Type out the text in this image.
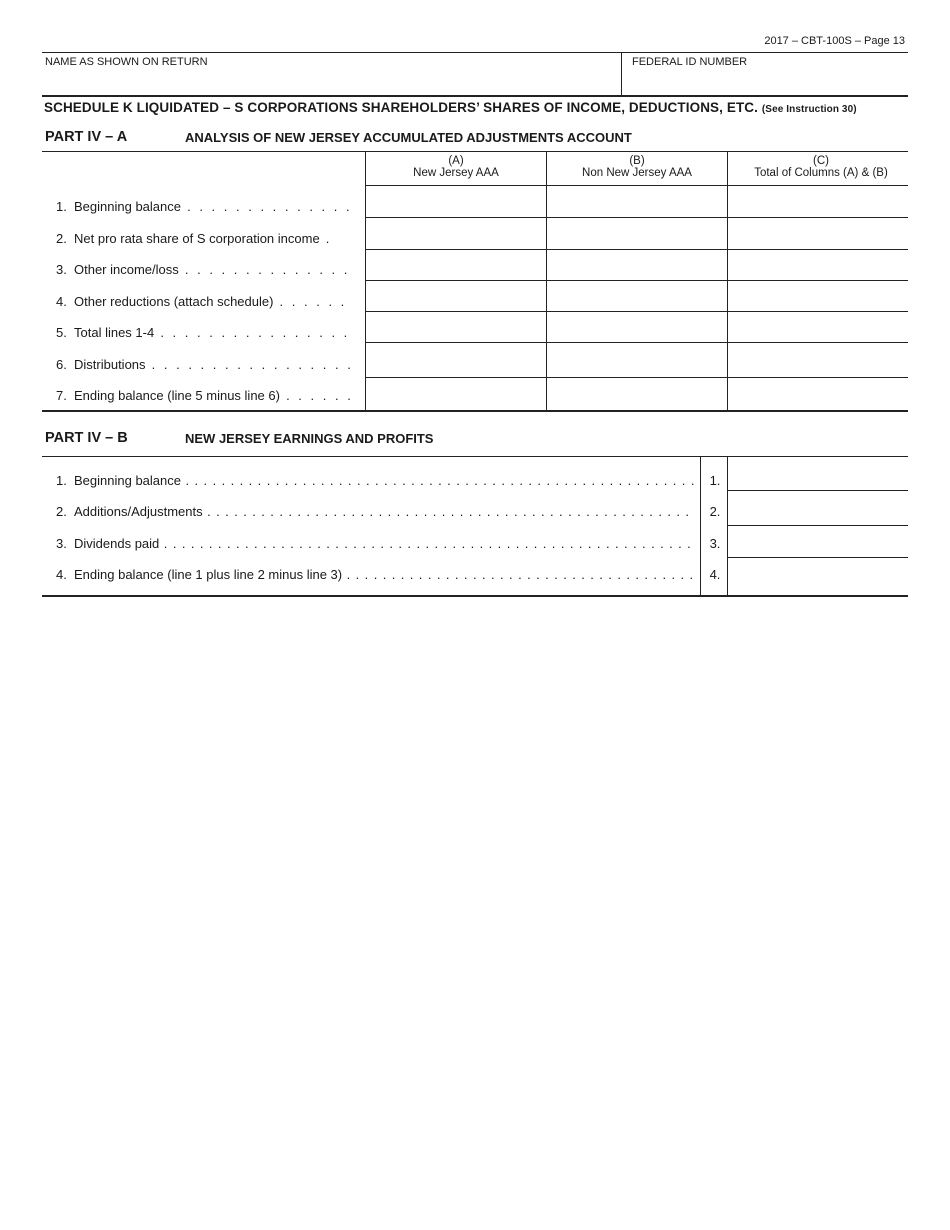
2017 – CBT-100S – Page 13
NAME AS SHOWN ON RETURN	FEDERAL ID NUMBER
SCHEDULE K LIQUIDATED – S CORPORATIONS SHAREHOLDERS’ SHARES OF INCOME, DEDUCTIONS, ETC. (See Instruction 30)
PART IV – A	ANALYSIS OF NEW JERSEY ACCUMULATED ADJUSTMENTS ACCOUNT
(A)
New Jersey AAA
(B)
Non New Jersey AAA
(C)
Total of Columns (A) & (B)
1. Beginning balance . . . . . . . . . . . . . .
2. Net pro rata share of S corporation income .
3. Other income/loss . . . . . . . . . . . . . .
4. Other reductions (attach schedule) . . . . . .
5. Total lines 1-4 . . . . . . . . . . . . . . . .
6. Distributions . . . . . . . . . . . . . . . . .
7. Ending balance (line 5 minus line 6) . . . . . .
PART IV – B	NEW JERSEY EARNINGS AND PROFITS
1. Beginning balance . . . . . . . . . . . . . . . . . . . . . . . . . . . . . . . . . . . . . . . . . . . . . . . . . . . . . . . . .	1.
2. Additions/Adjustments . . . . . . . . . . . . . . . . . . . . . . . . . . . . . . . . . . . . . . . . . . . . . . . . . . . . . .	2.
3. Dividends paid . . . . . . . . . . . . . . . . . . . . . . . . . . . . . . . . . . . . . . . . . . . . . . . . . . . . . . . . . . .	3.
4. Ending balance (line 1 plus line 2 minus line 3) . . . . . . . . . . . . . . . . . . . . . . . . . . . . . . . . . . . . . . .	4.
